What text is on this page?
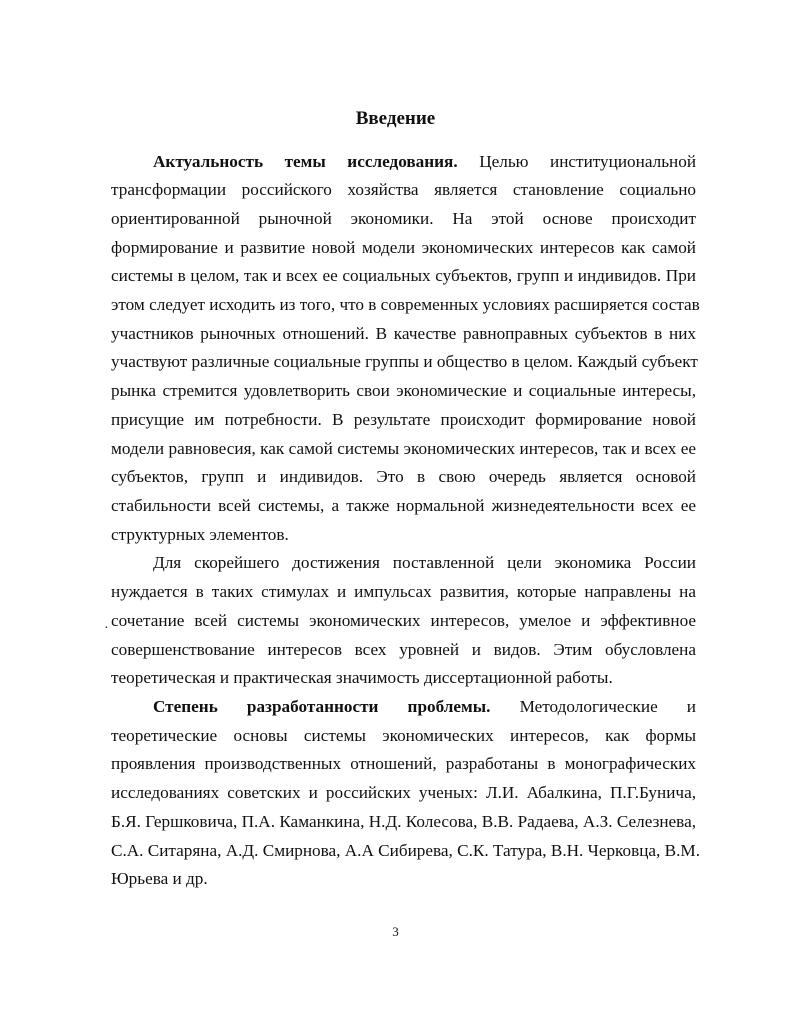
Введение
Актуальность темы исследования. Целью институциональной
трансформации российского хозяйства является становление социально
ориентированной рыночной экономики. На этой основе происходит
формирование и развитие новой модели экономических интересов как самой
системы в целом, так и всех ее социальных субъектов, групп и индивидов. При
этом следует исходить из того, что в современных условиях расширяется состав
участников рыночных отношений. В качестве равноправных субъектов в них
участвуют различные социальные группы и общество в целом. Каждый субъект
рынка стремится удовлетворить свои экономические и социальные интересы,
присущие им потребности. В результате происходит формирование новой
модели равновесия, как самой системы экономических интересов, так и всех ее
субъектов, групп и индивидов. Это в свою очередь является основой
стабильности всей системы, а также нормальной жизнедеятельности всех ее
структурных элементов.
Для скорейшего достижения поставленной цели экономика России
нуждается в таких стимулах и импульсах развития, которые направлены на
сочетание всей системы экономических интересов, умелое и эффективное
·
совершенствование интересов всех уровней и видов. Этим обусловлена
теоретическая и практическая значимость диссертационной работы.
Степень разработанности проблемы. Методологические и
теоретические основы системы экономических интересов, как формы
проявления производственных отношений, разработаны в монографических
исследованиях советских и российских ученых: Л.И. Абалкина, П.Г.Бунича,
Б.Я. Гершковича, П.А. Каманкина, Н.Д. Колесова, В.В. Радаева, А.З. Селезнева,
С.А. Ситаряна, А.Д. Смирнова, А.А Сибирева, С.К. Татура, В.Н. Черковца, В.М.
Юрьева и др.
3
